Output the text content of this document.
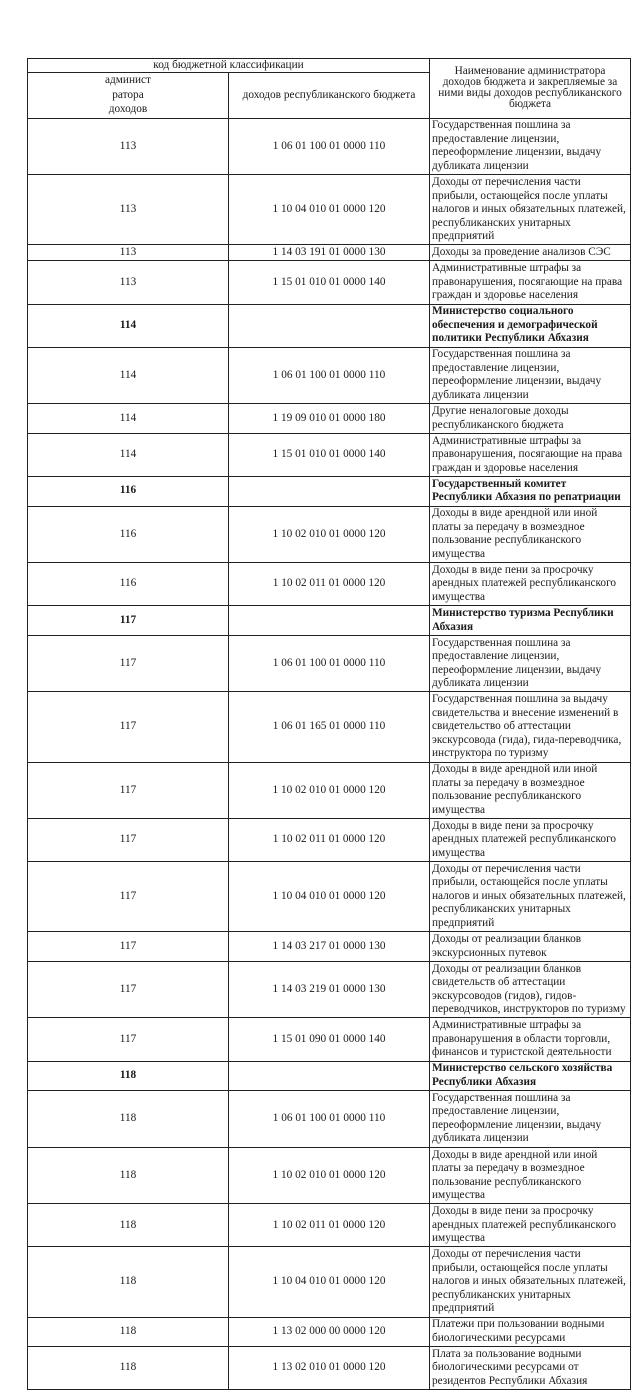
код бюджетной классификации		Наименование администратора доходов бюджета и закрепляемые за ними виды доходов республиканского бюджета

админист
ратора
доходов	доходов республиканского бюджета	
113	1 06 01 100 01 0000 110	Государственная пошлина за предоставление лицензии, переоформление лицензии, выдачу дубликата лицензии
113	1 10 04 010 01 0000 120	Доходы от перечисления части прибыли, остающейся после уплаты налогов и иных обязательных платежей, республиканских унитарных предприятий
113	1 14 03 191 01 0000 130	Доходы за проведение анализов СЭС
113	1 15 01 010 01 0000 140	Административные штрафы за правонарушения, посягающие на права граждан и здоровье населения
114		Министерство социального обеспечения и демографической политики Республики Абхазия
114	1 06 01 100 01 0000 110	Государственная пошлина за предоставление лицензии, переоформление лицензии, выдачу дубликата лицензии
114	1 19 09 010 01 0000 180	Другие неналоговые доходы республиканского бюджета
114	1 15 01 010 01 0000 140	Административные штрафы за правонарушения, посягающие на права граждан и здоровье населения
116		Государственный комитет Республики Абхазия по репатриации
116	1 10 02 010 01 0000 120	Доходы в виде арендной или иной платы за передачу в возмездное пользование республиканского имущества
116	1 10 02 011 01 0000 120	Доходы в виде пени за просрочку арендных платежей республиканского имущества
117		Министерство туризма Республики Абхазия
117	1 06 01 100 01 0000 110	Государственная пошлина за предоставление лицензии, переоформление лицензии, выдачу дубликата лицензии
117	1 06 01 165 01 0000 110	Государственная пошлина за выдачу свидетельства и внесение изменений в свидетельство об аттестации экскурсовода (гида), гида-переводчика, инструктора по туризму
117	1 10 02 010 01 0000 120	Доходы в виде арендной или иной платы за передачу в возмездное пользование республиканского имущества
117	1 10 02 011 01 0000 120	Доходы в виде пени за просрочку арендных платежей республиканского имущества
117	1 10 04 010 01 0000 120	Доходы от перечисления части прибыли, остающейся после уплаты налогов и иных обязательных платежей, республиканских унитарных предприятий
117	1 14 03 217 01 0000 130	Доходы от реализации бланков экскурсионных путевок
117	1 14 03 219 01 0000 130	Доходы от реализации бланков свидетельств об аттестации экскурсоводов (гидов), гидов-переводчиков, инструкторов по туризму
117	1 15 01 090 01 0000 140	Административные штрафы за правонарушения в области торговли, финансов и туристской деятельности
118		Министерство сельского хозяйства Республики Абхазия
118	1 06 01 100 01 0000 110	Государственная пошлина за предоставление лицензии, переоформление лицензии, выдачу дубликата лицензии
118	1 10 02 010 01 0000 120	Доходы в виде арендной или иной платы за передачу в возмездное пользование республиканского имущества
118	1 10 02 011 01 0000 120	Доходы в виде пени за просрочку арендных платежей республиканского имущества
118	1 10 04 010 01 0000 120	Доходы от перечисления части прибыли, остающейся после уплаты налогов и иных обязательных платежей, республиканских унитарных предприятий
118	1 13 02 000 00 0000 120	Платежи при пользовании водными биологическими ресурсами
118	1 13 02 010 01 0000 120	Плата за пользование водными биологическими ресурсами от резидентов Республики Абхазия
